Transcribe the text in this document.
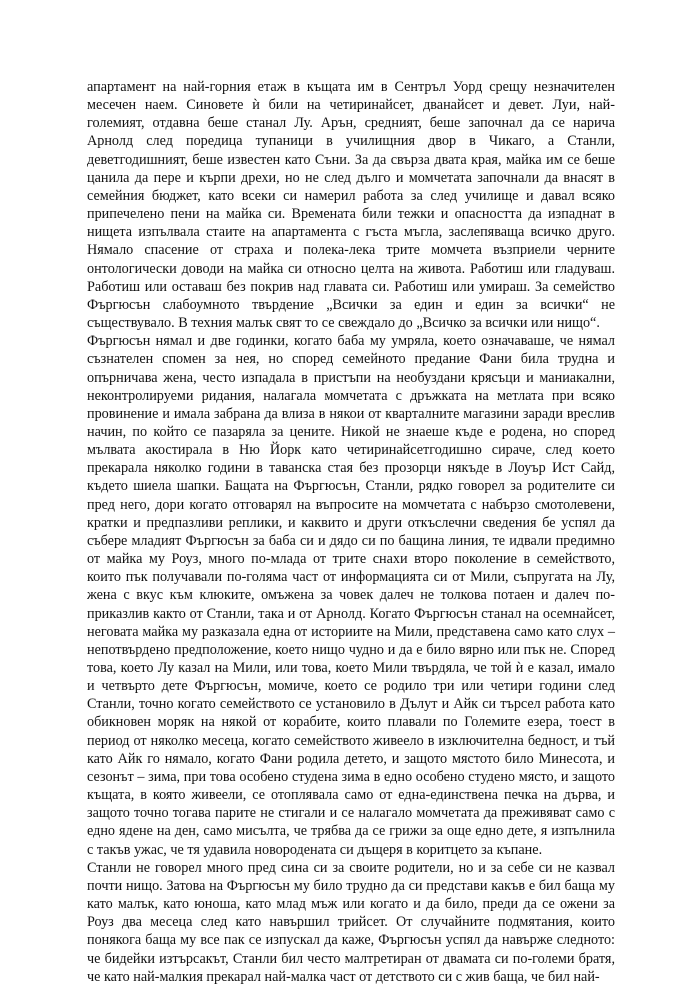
апартамент на най-горния етаж в къщата им в Сентръл Уорд срещу незначителен месечен наем. Синовете ѝ били на четиринайсет, дванайсет и девет. Луи, най-големият, отдавна беше станал Лу. Арън, средният, беше започнал да се нарича Арнолд след поредица тупаници в училищния двор в Чикаго, а Станли, деветгодишният, беше известен като Съни. За да свърза двата края, майка им се беше цанила да пере и кърпи дрехи, но не след дълго и момчетата започнали да внасят в семейния бюджет, като всеки си намерил работа за след училище и давал всяко припечелено пени на майка си. Времената били тежки и опасността да изпаднат в нищета изпълвала стаите на апартамента с гъста мъгла, заслепяваща всичко друго. Нямало спасение от страха и полека-лека трите момчета възприели черните онтологически доводи на майка си относно целта на живота. Работиш или гладуваш. Работиш или оставаш без покрив над главата си. Работиш или умираш. За семейство Фъргюсън слабоумното твърдение „Всички за един и един за всички“ не съществувало. В техния малък свят то се свеждало до „Всичко за всички или нищо“.

Фъргюсън нямал и две годинки, когато баба му умряла, което означаваше, че нямал съзнателен спомен за нея, но според семейното предание Фани била трудна и опърничава жена, често изпадала в пристъпи на необуздани крясъци и маниакални, неконтролируеми ридания, налагала момчетата с дръжката на метлата при всяко провинение и имала забрана да влиза в някои от кварталните магазини заради вреслив начин, по който се пазаряла за цените. Никой не знаеше къде е родена, но според мълвата акостирала в Ню Йорк като четиринайсетгодишно сираче, след което прекарала няколко години в таванска стая без прозорци някъде в Лоуър Ист Сайд, където шиела шапки. Бащата на Фъргюсън, Станли, рядко говорел за родителите си пред него, дори когато отговарял на въпросите на момчетата с набързо смотолевени, кратки и предпазливи реплики, и каквито и други откъслечни сведения бе успял да събере младият Фъргюсън за баба си и дядо си по бащина линия, те идвали предимно от майка му Роуз, много по-млада от трите снахи второ поколение в семейството, които пък получавали по-голяма част от информацията си от Мили, съпругата на Лу, жена с вкус към клюките, омъжена за човек далеч не толкова потаен и далеч по-приказлив както от Станли, така и от Арнолд. Когато Фъргюсън станал на осемнайсет, неговата майка му разказала една от историите на Мили, представена само като слух – непотвърдено предположение, което нищо чудно и да е било вярно или пък не. Според това, което Лу казал на Мили, или това, което Мили твърдяла, че той ѝ е казал, имало и четвърто дете Фъргюсън, момиче, което се родило три или четири години след Станли, точно когато семейството се установило в Дълут и Айк си търсел работа като обикновен моряк на някой от корабите, които плавали по Големите езера, тоест в период от няколко месеца, когато семейството живеело в изключителна бедност, и тъй като Айк го нямало, когато Фани родила детето, и защото мястото било Минесота, и сезонът – зима, при това особено студена зима в едно особено студено място, и защото къщата, в която живеели, се отоплявала само от една-единствена печка на дърва, и защото точно тогава парите не стигали и се налагало момчетата да преживяват само с едно ядене на ден, само мисълта, че трябва да се грижи за още едно дете, я изпълнила с такъв ужас, че тя удавила новородената си дъщеря в коритцето за къпане.

Станли не говорел много пред сина си за своите родители, но и за себе си не казвал почти нищо. Затова на Фъргюсън му било трудно да си представи какъв е бил баща му като малък, като юноша, като млад мъж или когато и да било, преди да се ожени за Роуз два месеца след като навършил трийсет. От случайните подмятания, които понякога баща му все пак се изпускал да каже, Фъргюсън успял да навърже следното: че бидейки изтърсакът, Станли бил често малтретиран от двамата си по-големи братя, че като най-малкия прекарал най-малка част от детството си с жив баща, че бил най-
